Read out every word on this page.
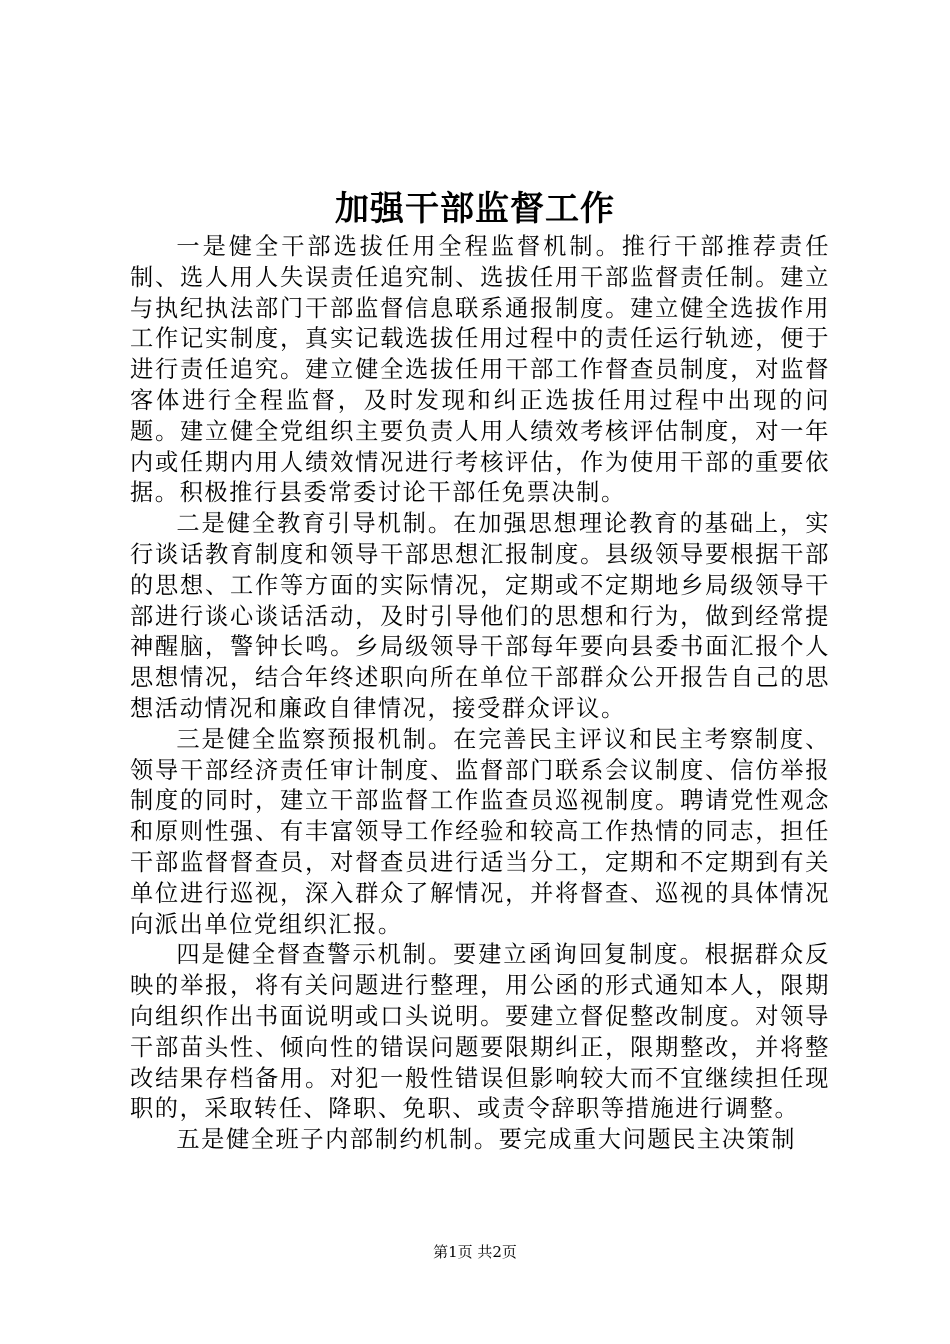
加强干部监督工作

一是健全干部选拔任用全程监督机制。推行干部推荐责任制、选人用人失误责任追究制、选拔任用干部监督责任制。建立与执纪执法部门干部监督信息联系通报制度。建立健全选拔作用工作记实制度，真实记载选拔任用过程中的责任运行轨迹，便于进行责任追究。建立健全选拔任用干部工作督查员制度，对监督客体进行全程监督，及时发现和纠正选拔任用过程中出现的问题。建立健全党组织主要负责人用人绩效考核评估制度，对一年内或任期内用人绩效情况进行考核评估，作为使用干部的重要依据。积极推行县委常委讨论干部任免票决制。

二是健全教育引导机制。在加强思想理论教育的基础上，实行谈话教育制度和领导干部思想汇报制度。县级领导要根据干部的思想、工作等方面的实际情况，定期或不定期地乡局级领导干部进行谈心谈话活动，及时引导他们的思想和行为，做到经常提神醒脑，警钟长鸣。乡局级领导干部每年要向县委书面汇报个人思想情况，结合年终述职向所在单位干部群众公开报告自己的思想活动情况和廉政自律情况，接受群众评议。

三是健全监察预报机制。在完善民主评议和民主考察制度、领导干部经济责任审计制度、监督部门联系会议制度、信仿举报制度的同时，建立干部监督工作监查员巡视制度。聘请党性观念和原则性强、有丰富领导工作经验和较高工作热情的同志，担任干部监督督查员，对督查员进行适当分工，定期和不定期到有关单位进行巡视，深入群众了解情况，并将督查、巡视的具体情况向派出单位党组织汇报。

四是健全督查警示机制。要建立函询回复制度。根据群众反映的举报，将有关问题进行整理，用公函的形式通知本人，限期向组织作出书面说明或口头说明。要建立督促整改制度。对领导干部苗头性、倾向性的错误问题要限期纠正，限期整改，并将整改结果存档备用。对犯一般性错误但影响较大而不宜继续担任现职的，采取转任、降职、免职、或责令辞职等措施进行调整。

五是健全班子内部制约机制。要完成重大问题民主决策制

第1页 共2页
